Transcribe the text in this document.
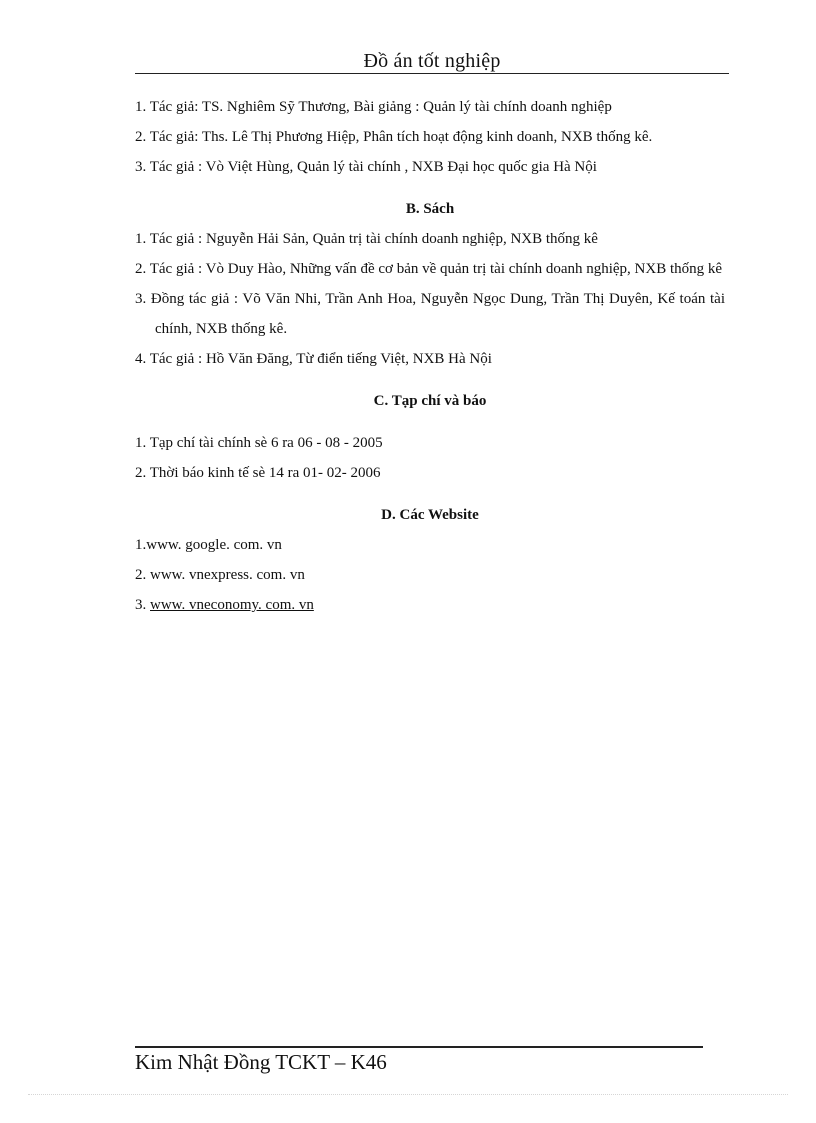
Đồ án tốt nghiệp
1. Tác giả: TS. Nghiêm Sỹ Thương, Bài giảng : Quản lý tài chính doanh nghiệp
2. Tác giả: Ths. Lê Thị Phương Hiệp, Phân tích hoạt động kinh doanh, NXB thống kê.
3. Tác giả : Vò Việt Hùng, Quản lý tài chính , NXB Đại học quốc gia Hà Nội
B. Sách
1. Tác giả : Nguyễn Hải Sản, Quản trị tài chính doanh nghiệp, NXB thống kê
2. Tác giả : Vò Duy Hào, Những vấn đề cơ bản về quản trị tài chính doanh nghiệp, NXB thống kê
3. Đồng tác giả : Võ Văn Nhi, Trần Anh Hoa, Nguyễn Ngọc Dung, Trần Thị Duyên, Kế toán tài chính, NXB thống kê.
4. Tác giả : Hồ Văn Đăng, Từ điển tiếng Việt, NXB Hà Nội
C. Tạp chí và báo
1. Tạp chí tài chính sè 6 ra 06 - 08 - 2005
2. Thời báo kinh tế sè 14 ra 01- 02- 2006
D. Các Website
1.www. google. com. vn
2. www. vnexpress. com. vn
3. www. vneconomy. com. vn
Kim Nhật Đồng TCKT – K46
